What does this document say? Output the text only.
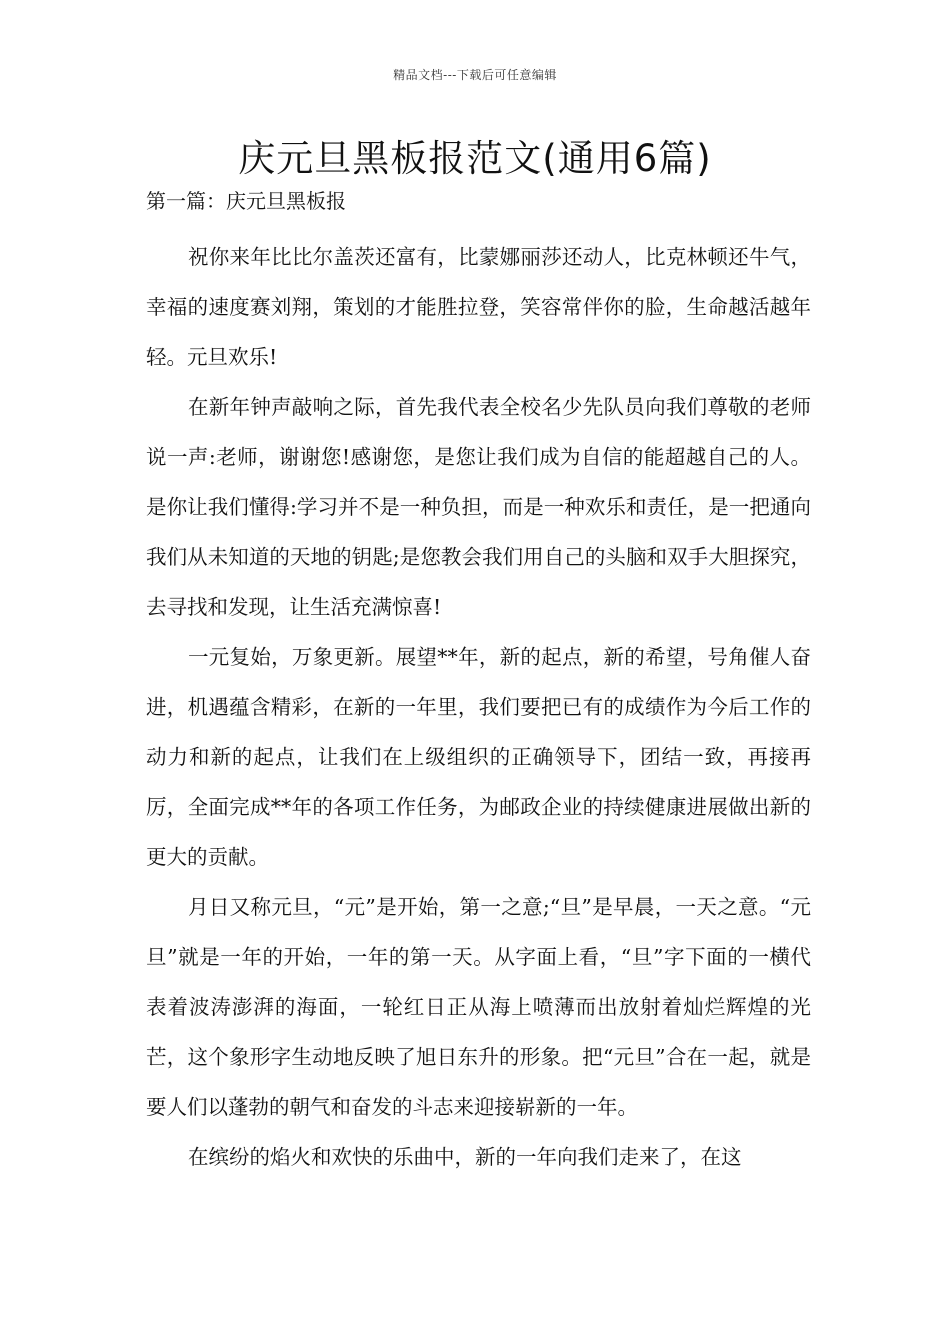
精品文档---下载后可任意编辑
庆元旦黑板报范文(通用6篇)

第一篇：庆元旦黑板报

祝你来年比比尔盖茨还富有，比蒙娜丽莎还动人，比克林顿还牛气，幸福的速度赛刘翔，策划的才能胜拉登，笑容常伴你的脸，生命越活越年轻。元旦欢乐!

在新年钟声敲响之际，首先我代表全校名少先队员向我们尊敬的老师说一声:老师，谢谢您!感谢您，是您让我们成为自信的能超越自己的人。是你让我们懂得:学习并不是一种负担，而是一种欢乐和责任，是一把通向我们从未知道的天地的钥匙;是您教会我们用自己的头脑和双手大胆探究，去寻找和发现，让生活充满惊喜!

一元复始，万象更新。展望**年，新的起点，新的希望，号角催人奋进，机遇蕴含精彩，在新的一年里，我们要把已有的成绩作为今后工作的动力和新的起点，让我们在上级组织的正确领导下，团结一致，再接再厉，全面完成**年的各项工作任务，为邮政企业的持续健康进展做出新的更大的贡献。

月日又称元旦，“元”是开始，第一之意;“旦”是早晨，一天之意。“元旦”就是一年的开始，一年的第一天。从字面上看，“旦”字下面的一横代表着波涛澎湃的海面，一轮红日正从海上喷薄而出放射着灿烂辉煌的光芒，这个象形字生动地反映了旭日东升的形象。把“元旦”合在一起，就是要人们以蓬勃的朝气和奋发的斗志来迎接崭新的一年。

在缤纷的焰火和欢快的乐曲中，新的一年向我们走来了，在这
